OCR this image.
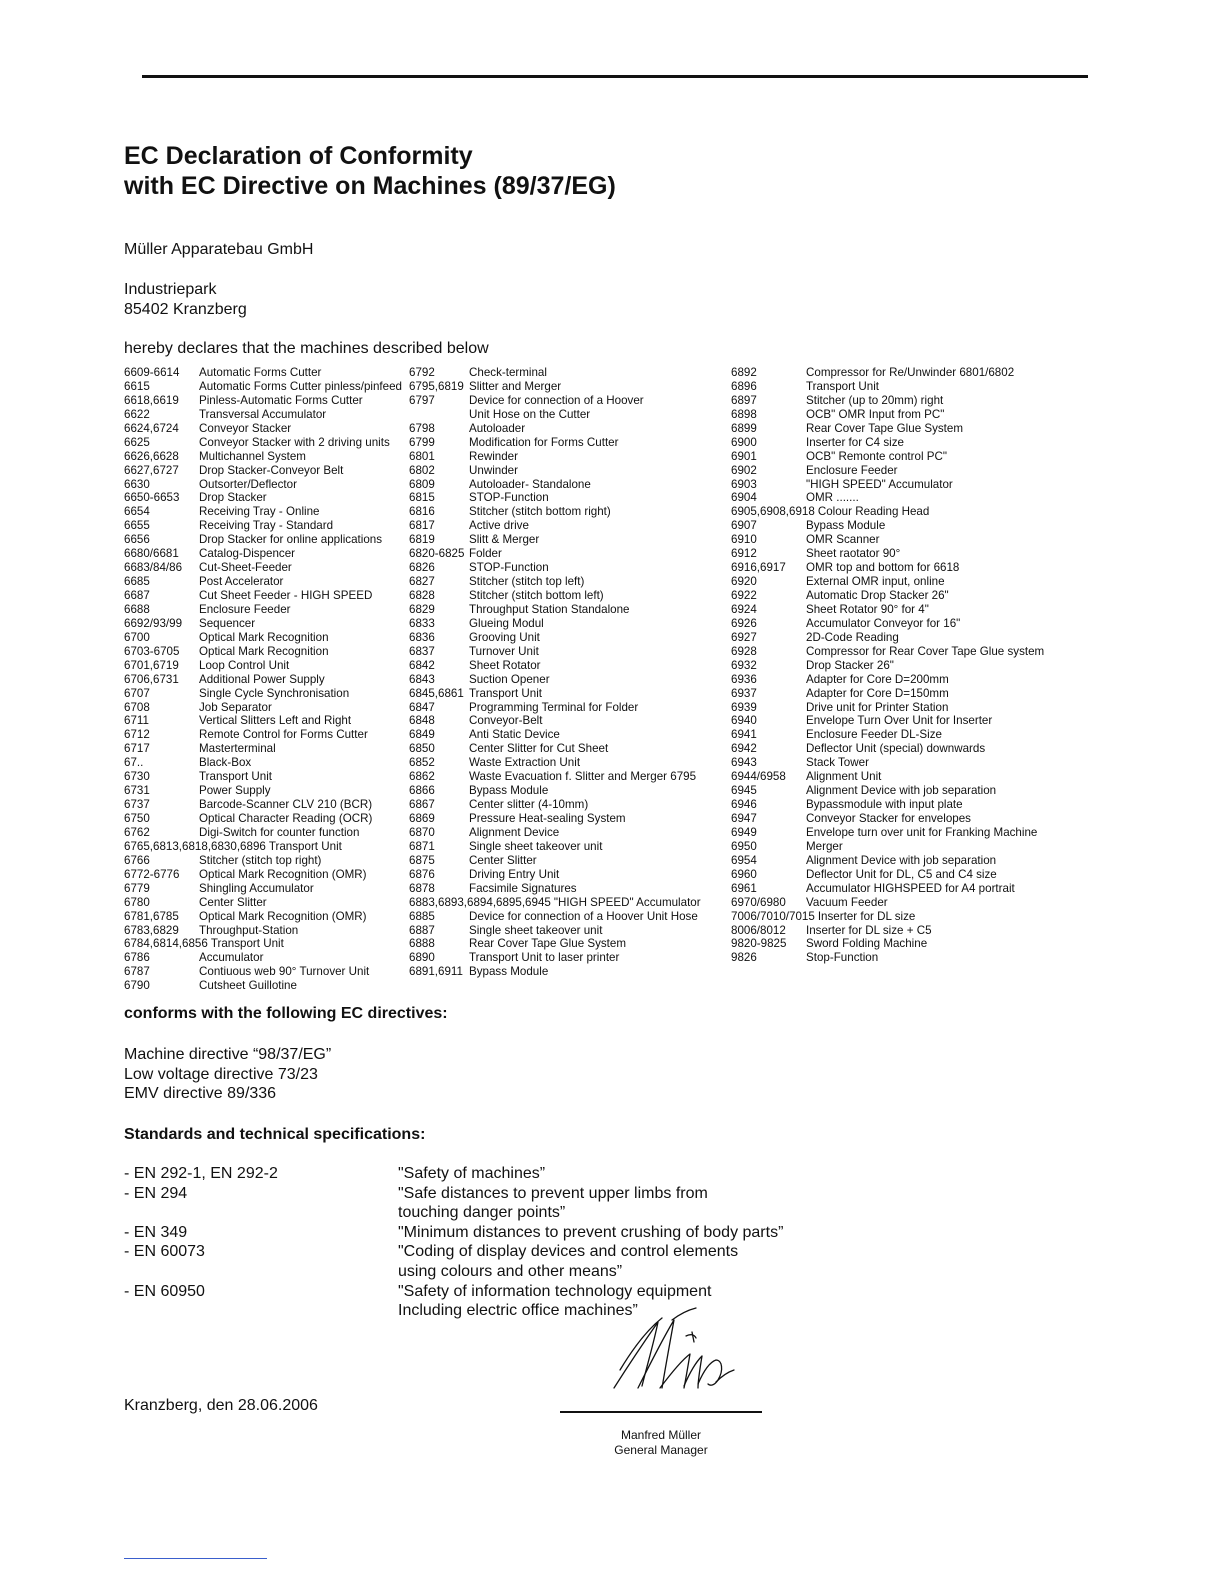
EC Declaration of Conformity
with EC Directive on Machines (89/37/EG)
Müller Apparatebau GmbH
Industriepark
85402 Kranzberg
hereby declares that the machines described below
6609-6614	Automatic Forms Cutter
6615	Automatic Forms Cutter pinless/pinfeed
6618,6619	Pinless-Automatic Forms Cutter
6622	Transversal Accumulator
6624,6724	Conveyor Stacker
6625	Conveyor Stacker with 2 driving units
6626,6628	Multichannel System
6627,6727	Drop Stacker-Conveyor Belt
6630	Outsorter/Deflector
6650-6653	Drop Stacker
6654	Receiving Tray - Online
6655	Receiving Tray - Standard
6656	Drop Stacker for online applications
6680/6681	Catalog-Dispencer
6683/84/86	Cut-Sheet-Feeder
6685	Post Accelerator
6687	Cut Sheet Feeder - HIGH SPEED
6688	Enclosure Feeder
6692/93/99	Sequencer
6700	Optical Mark Recognition
6703-6705	Optical Mark Recognition
6701,6719	Loop Control Unit
6706,6731	Additional Power Supply
6707	Single Cycle Synchronisation
6708	Job Separator
6711	Vertical Slitters Left and Right
6712	Remote Control for Forms Cutter
6717	Masterterminal
67..	Black-Box
6730	Transport Unit
6731	Power Supply
6737	Barcode-Scanner CLV 210 (BCR)
6750	Optical Character Reading (OCR)
6762	Digi-Switch for counter function
6765,6813,6818,6830,6896 Transport Unit
6766	Stitcher (stitch top right)
6772-6776	Optical Mark Recognition (OMR)
6779	Shingling Accumulator
6780	Center Slitter
6781,6785	Optical Mark Recognition (OMR)
6783,6829	Throughput-Station
6784,6814,6856 Transport Unit
6786	Accumulator
6787	Contiuous web 90° Turnover Unit
6790	Cutsheet Guillotine
6792	Check-terminal
6795,6819 Slitter and Merger
6797	Device for connection of a Hoover
Unit Hose on the Cutter
6798	Autoloader
6799	Modification for Forms Cutter
6801	Rewinder
6802	Unwinder
6809	Autoloader- Standalone
6815	STOP-Function
6816	Stitcher (stitch bottom right)
6817	Active drive
6819	Slitt & Merger
6820-6825 Folder
6826	STOP-Function
6827	Stitcher (stitch top left)
6828	Stitcher (stitch bottom left)
6829	Throughput Station Standalone
6833	Glueing Modul
6836	Grooving Unit
6837	Turnover Unit
6842	Sheet Rotator
6843	Suction Opener
6845,6861 Transport Unit
6847	Programming Terminal for Folder
6848	Conveyor-Belt
6849	Anti Static Device
6850	Center Slitter for Cut Sheet
6852	Waste Extraction Unit
6862	Waste Evacuation f. Slitter and Merger 6795
6866	Bypass Module
6867	Center slitter (4-10mm)
6869	Pressure Heat-sealing System
6870	Alignment Device
6871	Single sheet takeover unit
6875	Center Slitter
6876	Driving Entry Unit
6878	Facsimile Signatures
6883,6893,6894,6895,6945 "HIGH SPEED" Accumulator
6885	Device for connection of a Hoover Unit Hose
6887	Single sheet takeover unit
6888	Rear Cover Tape Glue System
6890	Transport Unit to laser printer
6891,6911 Bypass Module
6892	Compressor for Re/Unwinder 6801/6802
6896	Transport Unit
6897	Stitcher (up to 20mm) right
6898	OCB" OMR Input from PC"
6899	Rear Cover Tape Glue System
6900	Inserter for C4 size
6901	OCB" Remonte control PC"
6902	Enclosure Feeder
6903	"HIGH SPEED" Accumulator
6904	OMR .......
6905,6908,6918 Colour Reading Head
6907	Bypass Module
6910	OMR Scanner
6912	Sheet raotator 90°
6916,6917	OMR top and bottom for 6618
6920	External OMR input, online
6922	Automatic Drop Stacker 26"
6924	Sheet Rotator 90° for 4"
6926	Accumulator Conveyor for 16"
6927	2D-Code Reading
6928	Compressor for Rear Cover Tape Glue system
6932	Drop Stacker 26"
6936	Adapter for Core D=200mm
6937	Adapter for Core D=150mm
6939	Drive unit for Printer Station
6940	Envelope Turn Over Unit for Inserter
6941	Enclosure Feeder DL-Size
6942	Deflector Unit (special) downwards
6943	Stack Tower
6944/6958	Alignment Unit
6945	Alignment Device with job separation
6946	Bypassmodule with input plate
6947	Conveyor Stacker for envelopes
6949	Envelope turn over unit for Franking Machine
6950	Merger
6954	Alignment Device with job separation
6960	Deflector Unit for DL, C5 and C4 size
6961	Accumulator HIGHSPEED for A4 portrait
6970/6980	Vacuum Feeder
7006/7010/7015 Inserter for DL size
8006/8012	Inserter for DL size + C5
9820-9825	Sword Folding Machine
9826	Stop-Function
conforms with the following EC directives:
Machine directive “98/37/EG”
Low voltage directive 73/23
EMV directive 89/336
Standards and technical specifications:
- EN 292-1, EN 292-2	"Safety of machines”
- EN 294	"Safe distances to prevent upper limbs from
touching danger points”
- EN 349	"Minimum distances to prevent crushing of body parts”
- EN 60073	"Coding of display devices and control elements
using colours and other means”
- EN 60950	"Safety of information technology equipment
Including electric office machines”
Kranzberg, den 28.06.2006
Manfred Müller
General Manager
